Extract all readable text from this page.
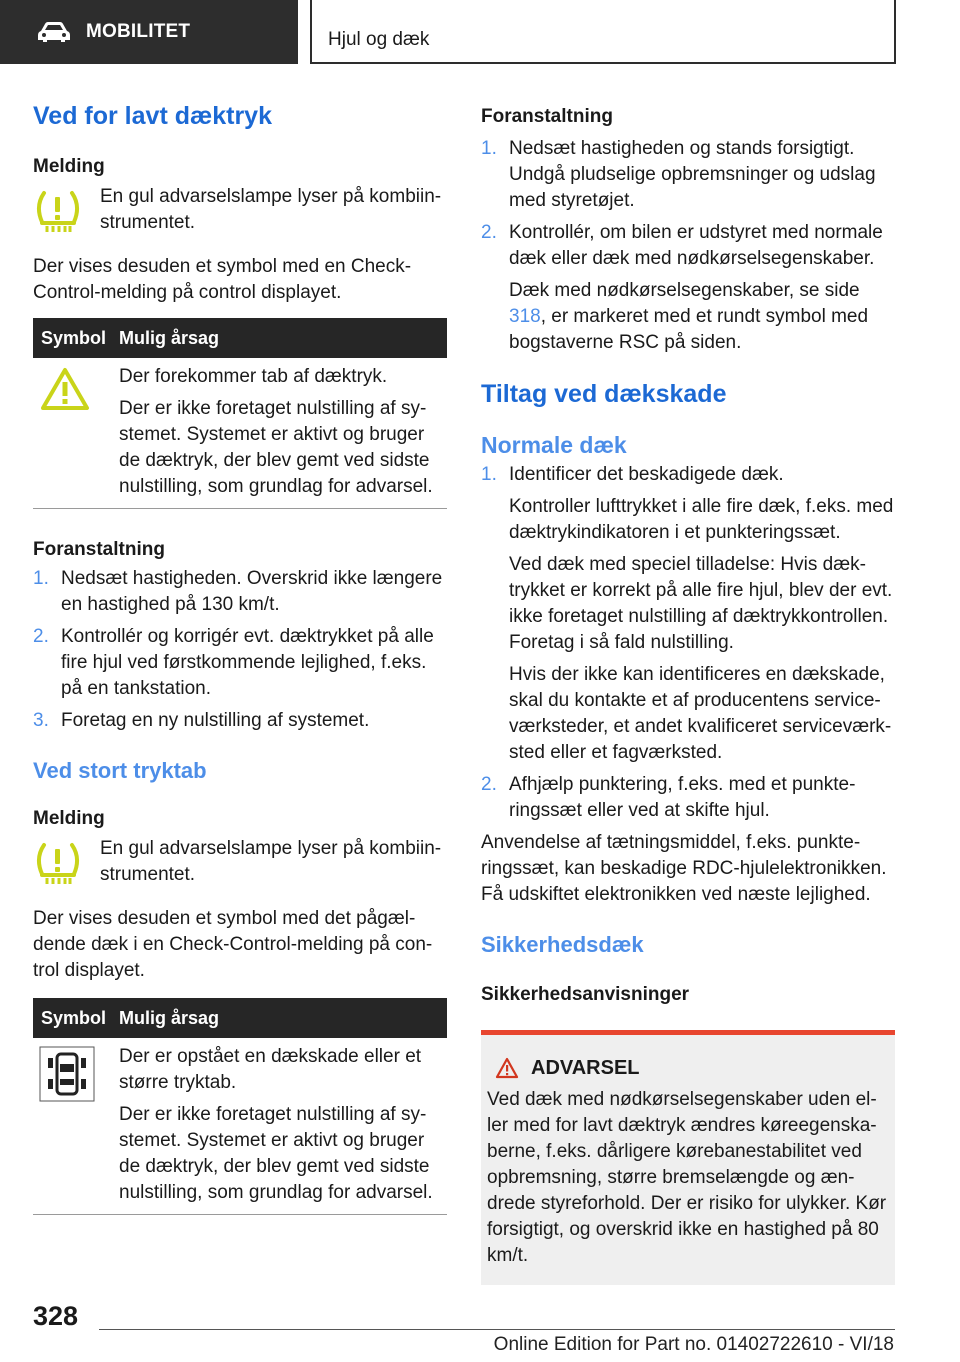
MOBILITET	Hjul og dæk
Ved for lavt dæktryk
Melding

En gul advarselslampe lyser på kombiin-strumentet.

Der vises desuden et symbol med en Check-Control-melding på control displayet.

Symbol	Mulig årsag

Der forekommer tab af dæktryk.

Der er ikke foretaget nulstilling af sy-stemet. Systemet er aktivt og bruger de dæktryk, der blev gemt ved sidste nulstilling, som grundlag for advarsel.

Foranstaltning
1. Nedsæt hastigheden. Overskrid ikke længere en hastighed på 130 km/t.
2. Kontrollér og korrigér evt. dæktrykket på alle fire hjul ved førstkommende lejlighed, f.eks. på en tankstation.
3. Foretag en ny nulstilling af systemet.
Ved stort tryktab
Melding

En gul advarselslampe lyser på kombiin-strumentet.

Der vises desuden et symbol med det pågæl-dende dæk i en Check-Control-melding på con-trol displayet.

Symbol	Mulig årsag

Der er opstået en dækskade eller et større tryktab.

Der er ikke foretaget nulstilling af sy-stemet. Systemet er aktivt og bruger de dæktryk, der blev gemt ved sidste nulstilling, som grundlag for advarsel.

Foranstaltning
1. Nedsæt hastigheden og stands forsigtigt. Undgå pludselige opbremsninger og udslag med styretøjet.
2. Kontrollér, om bilen er udstyret med normale dæk eller dæk med nødkørselsegenskaber.

Dæk med nødkørselsegenskaber, se side 318, er markeret med et rundt symbol med bogstaverne RSC på siden.

Tiltag ved dækskade
Normale dæk
1. Identificer det beskadigede dæk.

Kontroller lufttrykket i alle fire dæk, f.eks. med dæktrykindikatoren i et punkteringssæt.

Ved dæk med speciel tilladelse: Hvis dæk-trykket er korrekt på alle fire hjul, blev der evt. ikke foretaget nulstilling af dæktrykkontrollen. Foretag i så fald nulstilling.

Hvis der ikke kan identificeres en dækskade, skal du kontakte et af producentens service-værksteder, et andet kvalificeret serviceværk-sted eller et fagværksted.

2. Afhjælp punktering, f.eks. med et punkte-ringssæt eller ved at skifte hjul.

Anvendelse af tætningsmiddel, f.eks. punkte-ringssæt, kan beskadige RDC-hjulelektronikken. Få udskiftet elektronikken ved næste lejlighed.

Sikkerhedsdæk
Sikkerhedsanvisninger
ADVARSEL

Ved dæk med nødkørselsegenskaber uden el-ler med for lavt dæktryk ændres køreegenska-berne, f.eks. dårligere kørebanestabilitet ved opbremsning, større bremselængde og æn-drede styreforhold. Der er risiko for ulykker. Kør forsigtigt, og overskrid ikke en hastighed på 80 km/t.

328
Online Edition for Part no. 01402722610 - VI/18
